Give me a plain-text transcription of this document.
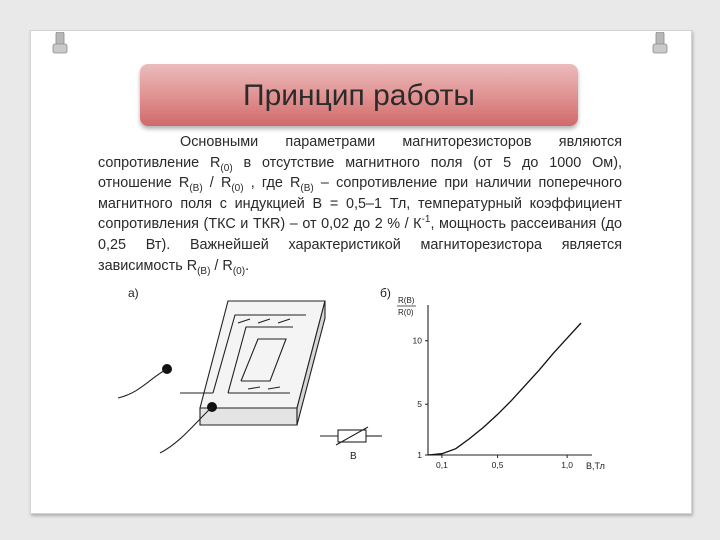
Принцип работы
Основными параметрами магниторезисторов являются сопротивление $R_{(0)}$ в отсутствие магнитного поля (от 5 до 1000 Ом), отношение $R_{(B)} / R_{(0)}$ , где $R_{(B)}$ – сопротивление при наличии поперечного магнитного поля с индукцией В = 0,5–1 Тл, температурный коэффициент сопротивления (ТКС и ТКR) – от 0,02 до 2 % / $К^{-1}$, мощность рассеивания (до 0,25 Вт). Важнейшей характеристикой магниторезистора является зависимость $R_{(B)} / R_{(0)}$.
а)	б)
B	1
5
10
0,1	0,5	1,0
R(B)
R(0)
B,Тл
